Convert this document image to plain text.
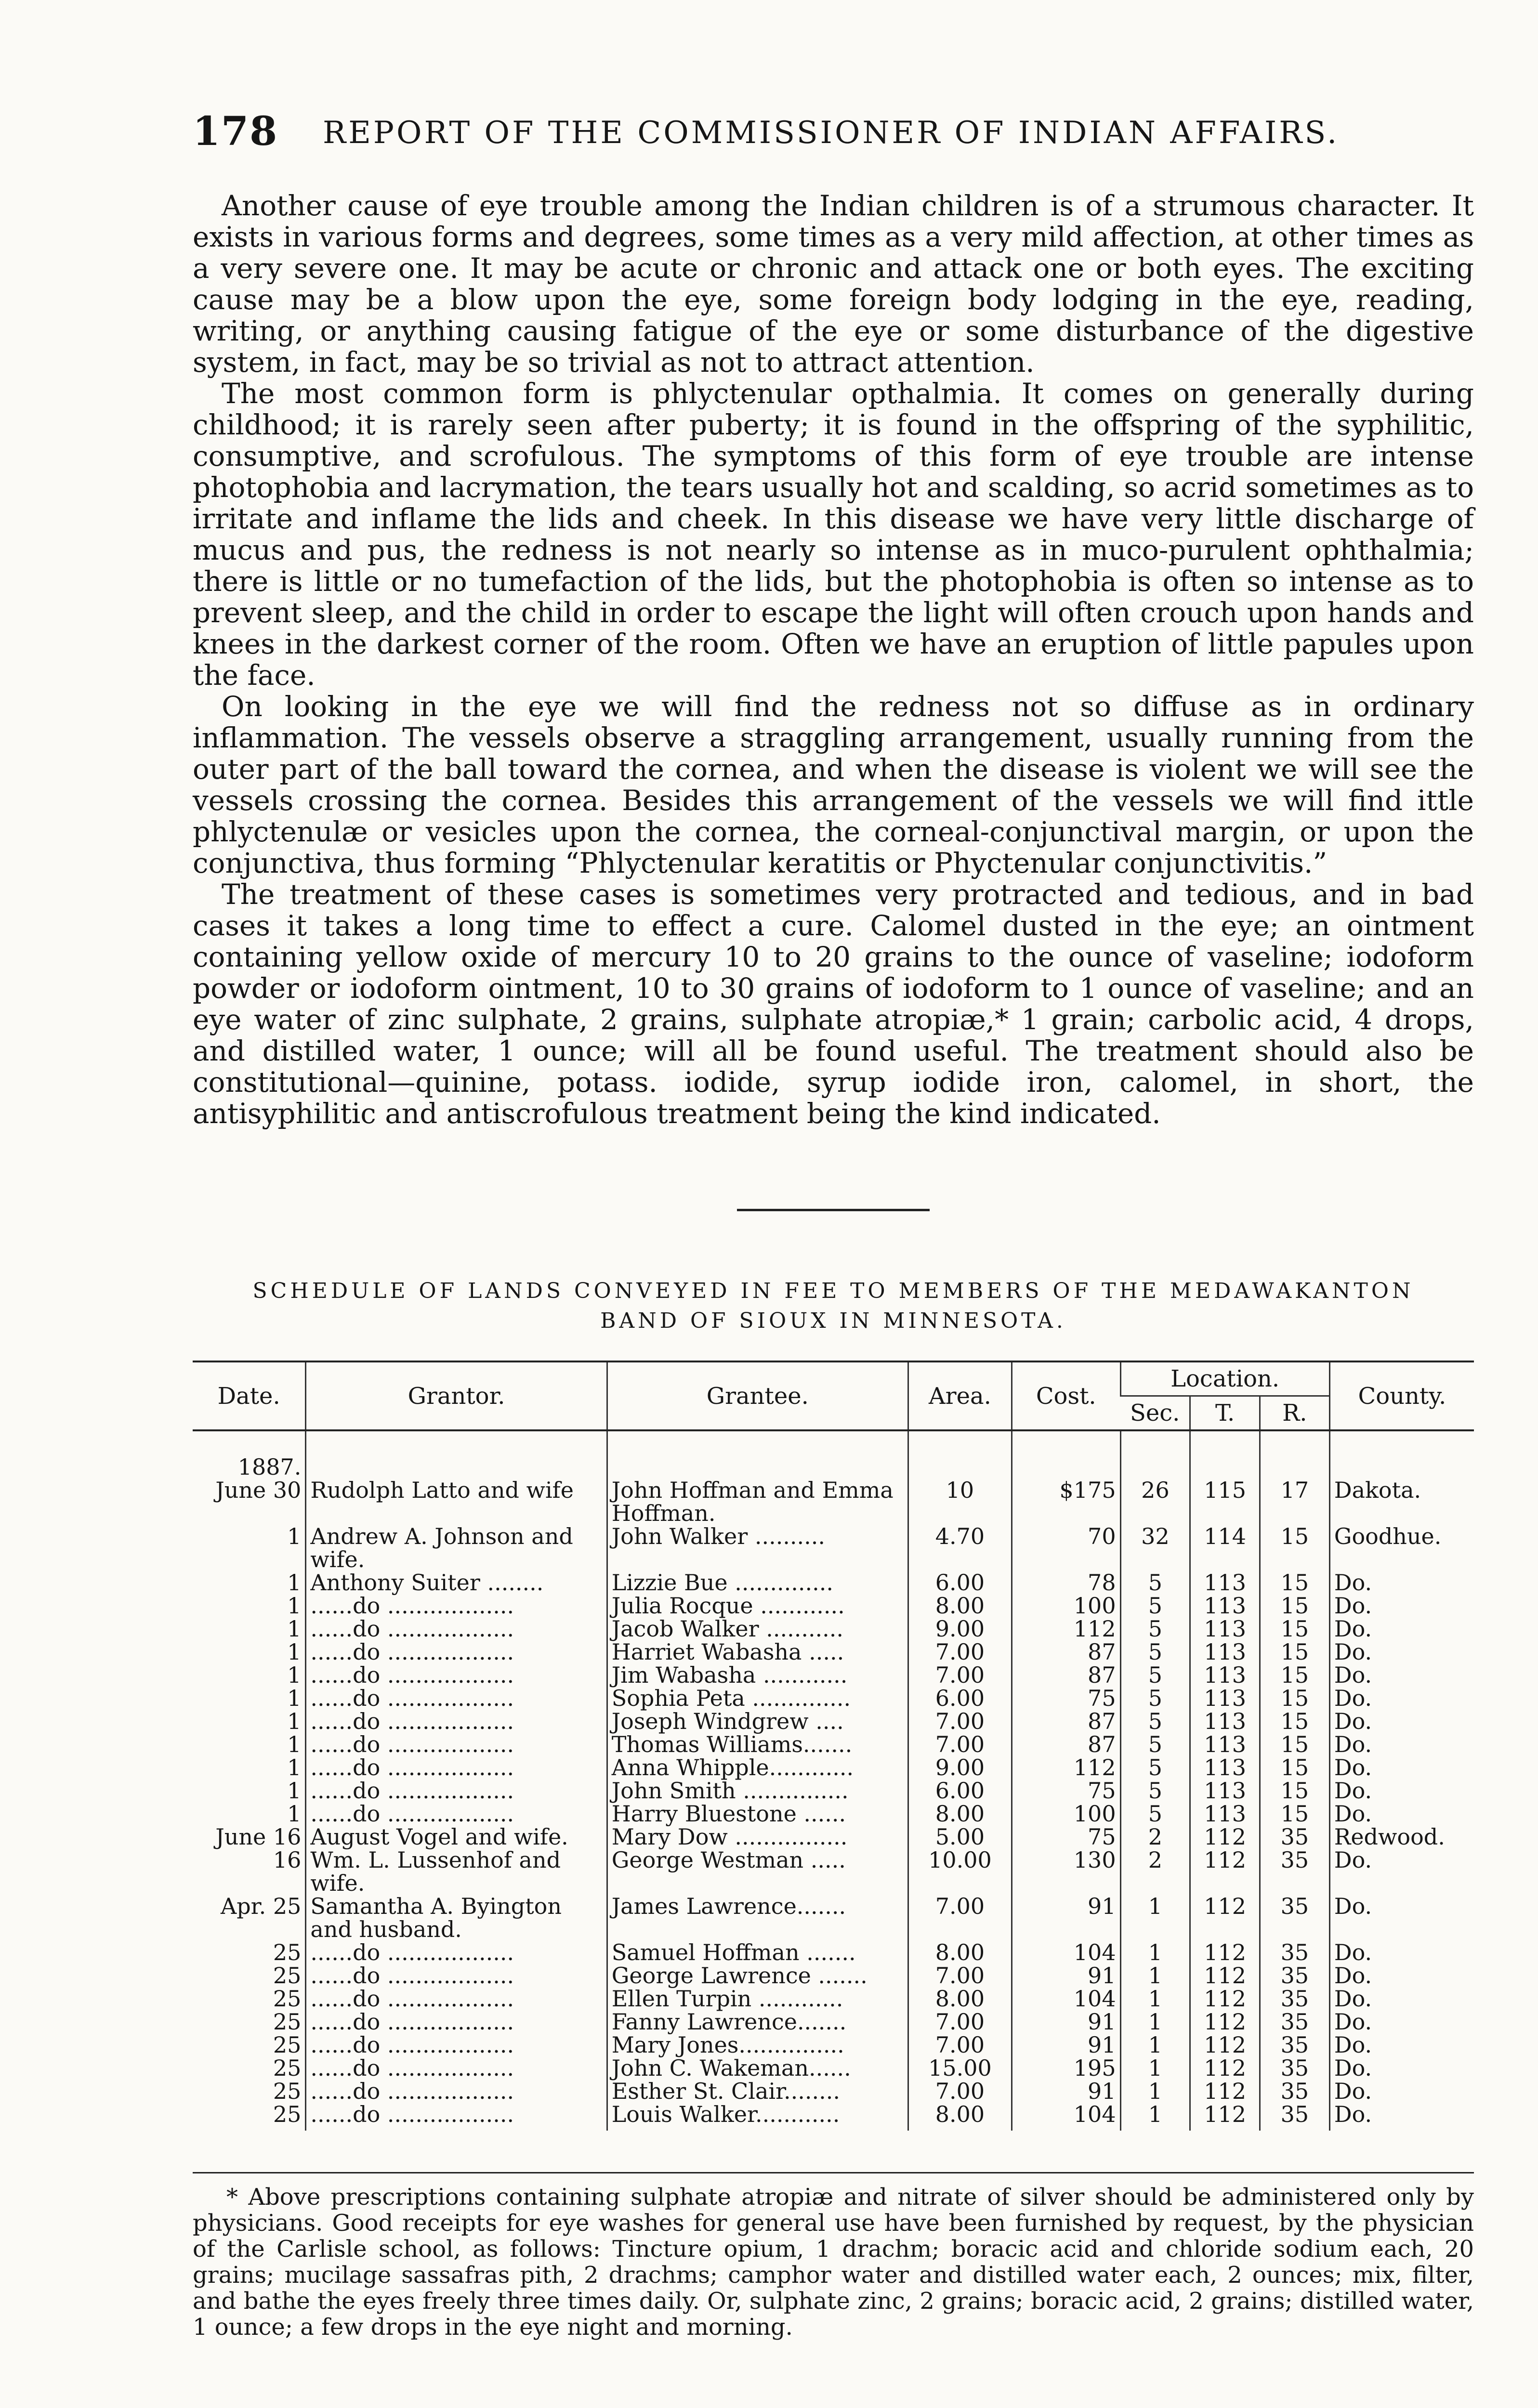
178 REPORT OF THE COMMISSIONER OF INDIAN AFFAIRS.

Another cause of eye trouble among the Indian children is of a strumous character. It exists in various forms and degrees, some times as a very mild affection, at other times as a very severe one. It may be acute or chronic and attack one or both eyes. The exciting cause may be a blow upon the eye, some foreign body lodging in the eye, reading, writing, or anything causing fatigue of the eye or some disturbance of the digestive system, in fact, may be so trivial as not to attract attention.

The most common form is phlyctenular opthalmia. It comes on generally during childhood; it is rarely seen after puberty; it is found in the offspring of the syphilitic, consumptive, and scrofulous. The symptoms of this form of eye trouble are intense photophobia and lacrymation, the tears usually hot and scalding, so acrid sometimes as to irritate and inflame the lids and cheek. In this disease we have very little discharge of mucus and pus, the redness is not nearly so intense as in muco-purulent ophthalmia; there is little or no tumefaction of the lids, but the photophobia is often so intense as to prevent sleep, and the child in order to escape the light will often crouch upon hands and knees in the darkest corner of the room. Often we have an eruption of little papules upon the face.

On looking in the eye we will find the redness not so diffuse as in ordinary inflammation. The vessels observe a straggling arrangement, usually running from the outer part of the ball toward the cornea, and when the disease is violent we will see the vessels crossing the cornea. Besides this arrangement of the vessels we will find ittle phlyctenulæ or vesicles upon the cornea, the corneal-conjunctival margin, or upon the conjunctiva, thus forming “Phlyctenular keratitis or Phyctenular conjunctivitis.”

The treatment of these cases is sometimes very protracted and tedious, and in bad cases it takes a long time to effect a cure. Calomel dusted in the eye; an ointment containing yellow oxide of mercury 10 to 20 grains to the ounce of vaseline; iodoform powder or iodoform ointment, 10 to 30 grains of iodoform to 1 ounce of vaseline; and an eye water of zinc sulphate, 2 grains, sulphate atropiæ,* 1 grain; carbolic acid, 4 drops, and distilled water, 1 ounce; will all be found useful. The treatment should also be constitutional—quinine, potass. iodide, syrup iodide iron, calomel, in short, the antisyphilitic and antiscrofulous treatment being the kind indicated.

SCHEDULE OF LANDS CONVEYED IN FEE TO MEMBERS OF THE MEDAWAKANTON
BAND OF SIOUX IN MINNESOTA.
Date.	Grantor.	Grantee.	Area.	Cost.	Location.			County.
					Sec.	T.	R.	
1887.								
June 30	Rudolph Latto and wife	John Hoffman and Emma Hoffman.	10	$175	26	115	17	Dakota.
1	Andrew A. Johnson and wife.	John Walker ..........	4.70	70	32	114	15	Goodhue.
1	Anthony Suiter ........	Lizzie Bue ..............	6.00	78	5	113	15	Do.
1	......do ..................	Julia Rocque ............	8.00	100	5	113	15	Do.
1	......do ..................	Jacob Walker ...........	9.00	112	5	113	15	Do.
1	......do ..................	Harriet Wabasha .....	7.00	87	5	113	15	Do.
1	......do ..................	Jim Wabasha ............	7.00	87	5	113	15	Do.
1	......do ..................	Sophia Peta ..............	6.00	75	5	113	15	Do.
1	......do ..................	Joseph Windgrew ....	7.00	87	5	113	15	Do.
1	......do ..................	Thomas Williams.......	7.00	87	5	113	15	Do.
1	......do ..................	Anna Whipple............	9.00	112	5	113	15	Do.
1	......do ..................	John Smith ...............	6.00	75	5	113	15	Do.
1	......do ..................	Harry Bluestone ......	8.00	100	5	113	15	Do.
June 16	August Vogel and wife.	Mary Dow ................	5.00	75	2	112	35	Redwood.
16	Wm. L. Lussenhof and wife.	George Westman .....	10.00	130	2	112	35	Do.
Apr. 25	Samantha A. Byington and husband.	James Lawrence.......	7.00	91	1	112	35	Do.
25	......do ..................	Samuel Hoffman .......	8.00	104	1	112	35	Do.
25	......do ..................	George Lawrence .......	7.00	91	1	112	35	Do.
25	......do ..................	Ellen Turpin ............	8.00	104	1	112	35	Do.
25	......do ..................	Fanny Lawrence.......	7.00	91	1	112	35	Do.
25	......do ..................	Mary Jones...............	7.00	91	1	112	35	Do.
25	......do ..................	John C. Wakeman......	15.00	195	1	112	35	Do.
25	......do ..................	Esther St. Clair........	7.00	91	1	112	35	Do.
25	......do ..................	Louis Walker............	8.00	104	1	112	35	Do.

* Above prescriptions containing sulphate atropiæ and nitrate of silver should be administered only by physicians. Good receipts for eye washes for general use have been furnished by request, by the physician of the Carlisle school, as follows: Tincture opium, 1 drachm; boracic acid and chloride sodium each, 20 grains; mucilage sassafras pith, 2 drachms; camphor water and distilled water each, 2 ounces; mix, filter, and bathe the eyes freely three times daily. Or, sulphate zinc, 2 grains; boracic acid, 2 grains; distilled water, 1 ounce; a few drops in the eye night and morning.
